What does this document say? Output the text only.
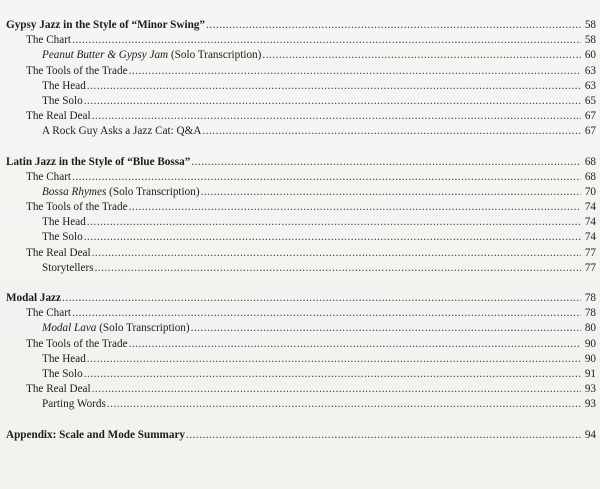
Gypsy Jazz in the Style of “Minor Swing” .....	58
The Chart .....	58
Peanut Butter & Gypsy Jam (Solo Transcription) .....	60
The Tools of the Trade .....	63
The Head .....	63
The Solo .....	65
The Real Deal .....	67
A Rock Guy Asks a Jazz Cat: Q&A .....	67
Latin Jazz in the Style of “Blue Bossa” .....	68
The Chart .....	68
Bossa Rhymes (Solo Transcription) .....	70
The Tools of the Trade .....	74
The Head .....	74
The Solo .....	74
The Real Deal .....	77
Storytellers .....	77
Modal Jazz .....	78
The Chart .....	78
Modal Lava (Solo Transcription) .....	80
The Tools of the Trade .....	90
The Head .....	90
The Solo .....	91
The Real Deal .....	93
Parting Words .....	93
Appendix: Scale and Mode Summary .....	94
